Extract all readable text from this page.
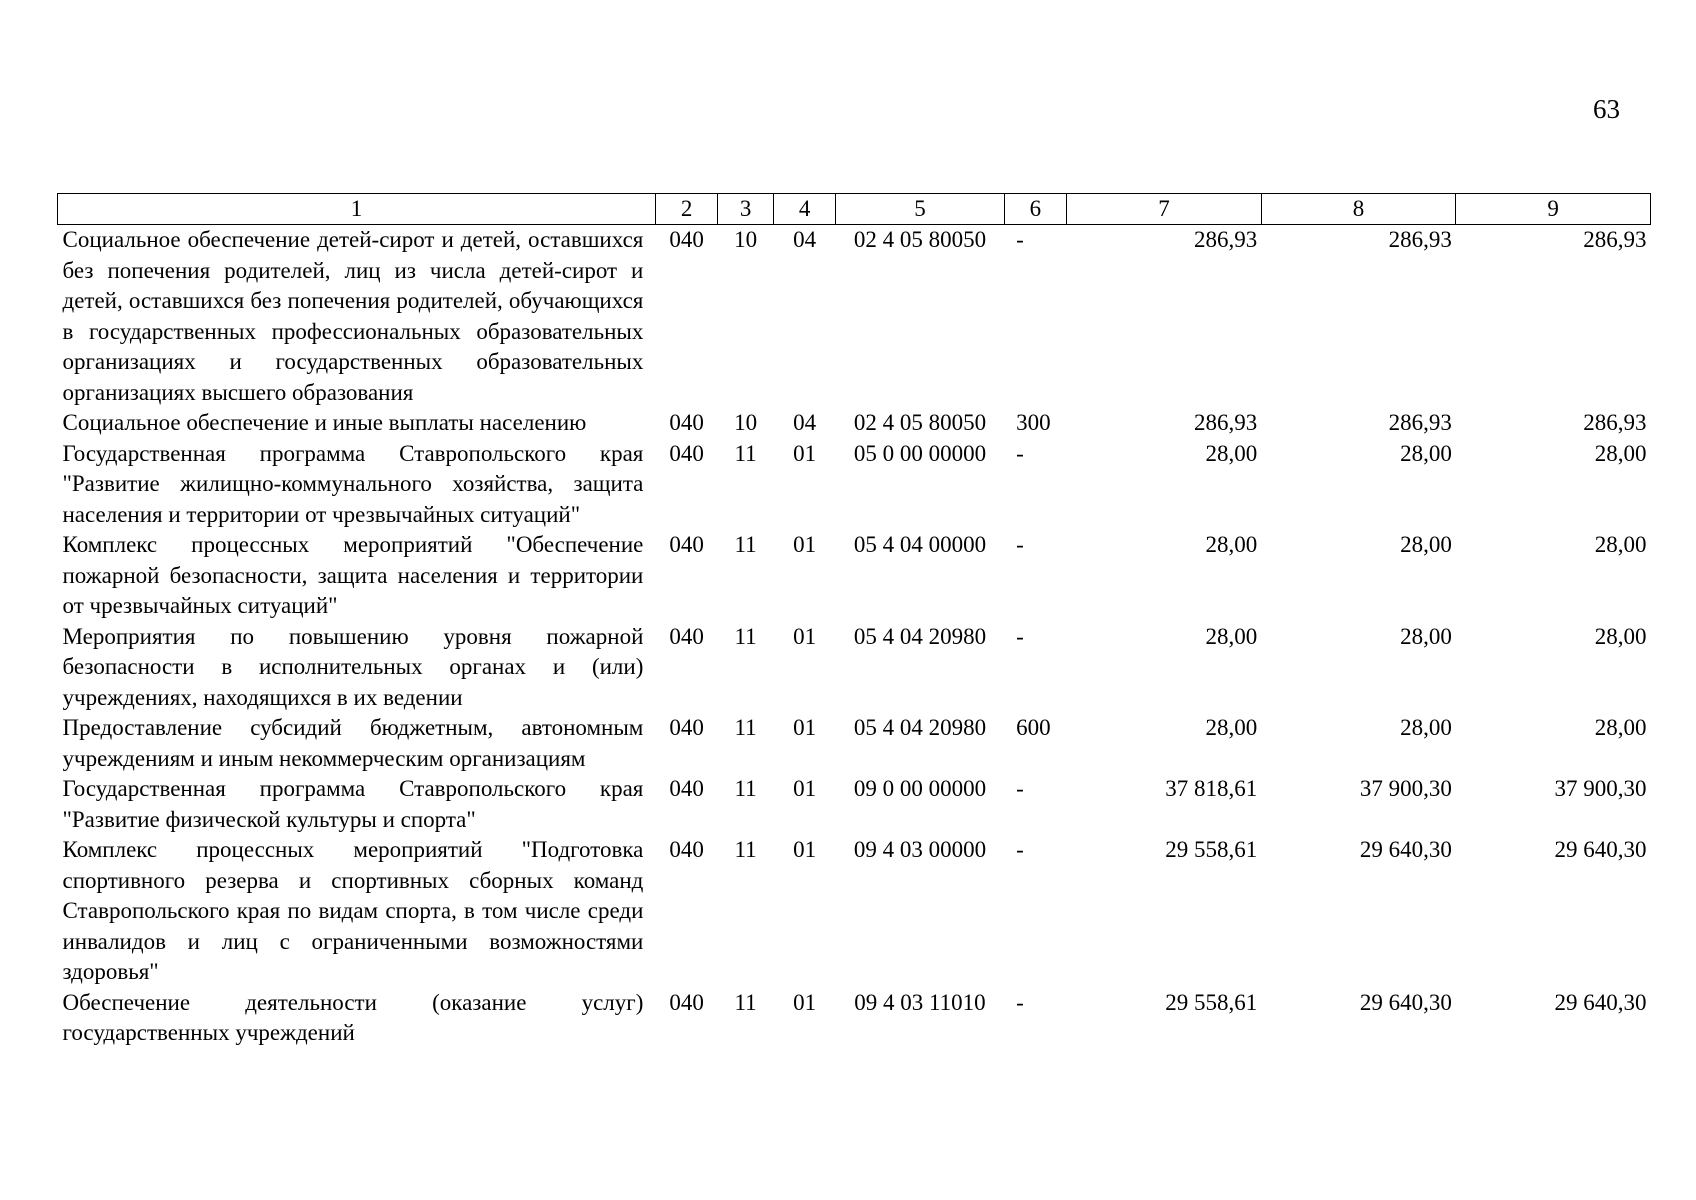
63
1	2	3	4	5	6	7	8	9
Социальное обеспечение детей-сирот и детей, оставшихся без попечения родителей, лиц из числа детей-сирот и детей, оставшихся без попечения родителей, обучающихся в государственных профессиональных образовательных организациях и государственных образовательных организациях высшего образования	040	10	04	02 4 05 80050	-	286,93	286,93	286,93
Социальное обеспечение и иные выплаты населению	040	10	04	02 4 05 80050	300	286,93	286,93	286,93
Государственная программа Ставропольского края "Развитие жилищно-коммунального хозяйства, защита населения и территории от чрезвычайных ситуаций"	040	11	01	05 0 00 00000	-	28,00	28,00	28,00
Комплекс процессных мероприятий "Обеспечение пожарной безопасности, защита населения и территории от чрезвычайных ситуаций"	040	11	01	05 4 04 00000	-	28,00	28,00	28,00
Мероприятия по повышению уровня пожарной безопасности в исполнительных органах и (или) учреждениях, находящихся в их ведении	040	11	01	05 4 04 20980	-	28,00	28,00	28,00
Предоставление субсидий бюджетным, автономным учреждениям и иным некоммерческим организациям	040	11	01	05 4 04 20980	600	28,00	28,00	28,00
Государственная программа Ставропольского края "Развитие физической культуры и спорта"	040	11	01	09 0 00 00000	-	37 818,61	37 900,30	37 900,30
Комплекс процессных мероприятий "Подготовка спортивного резерва и спортивных сборных команд Ставропольского края по видам спорта, в том числе среди инвалидов и лиц с ограниченными возможностями здоровья"	040	11	01	09 4 03 00000	-	29 558,61	29 640,30	29 640,30
Обеспечение деятельности (оказание услуг) государственных учреждений	040	11	01	09 4 03 11010	-	29 558,61	29 640,30	29 640,30
